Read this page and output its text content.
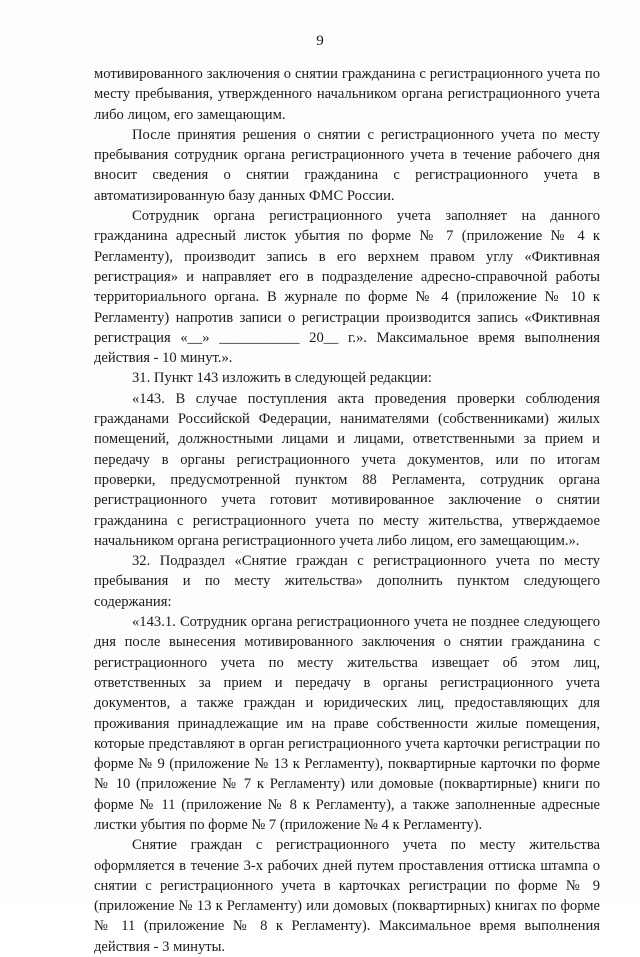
9

мотивированного заключения о снятии гражданина с регистрационного учета по месту пребывания, утвержденного начальником органа регистрационного учета либо лицом, его замещающим.

После принятия решения о снятии с регистрационного учета по месту пребывания сотрудник органа регистрационного учета в течение рабочего дня вносит сведения о снятии гражданина с регистрационного учета в автоматизированную базу данных ФМС России.

Сотрудник органа регистрационного учета заполняет на данного гражданина адресный листок убытия по форме № 7 (приложение № 4 к Регламенту), производит запись в его верхнем правом углу «Фиктивная регистрация» и направляет его в подразделение адресно-справочной работы территориального органа. В журнале по форме № 4 (приложение № 10 к Регламенту) напротив записи о регистрации производится запись «Фиктивная регистрация «__» ___________ 20__ г.». Максимальное время выполнения действия - 10 минут.».

31. Пункт 143 изложить в следующей редакции:

«143. В случае поступления акта проведения проверки соблюдения гражданами Российской Федерации, нанимателями (собственниками) жилых помещений, должностными лицами и лицами, ответственными за прием и передачу в органы регистрационного учета документов, или по итогам проверки, предусмотренной пунктом 88 Регламента, сотрудник органа регистрационного учета готовит мотивированное заключение о снятии гражданина с регистрационного учета по месту жительства, утверждаемое начальником органа регистрационного учета либо лицом, его замещающим.».

32. Подраздел «Снятие граждан с регистрационного учета по месту пребывания и по месту жительства» дополнить пунктом следующего содержания:

«143.1. Сотрудник органа регистрационного учета не позднее следующего дня после вынесения мотивированного заключения о снятии гражданина с регистрационного учета по месту жительства извещает об этом лиц, ответственных за прием и передачу в органы регистрационного учета документов, а также граждан и юридических лиц, предоставляющих для проживания принадлежащие им на праве собственности жилые помещения, которые представляют в орган регистрационного учета карточки регистрации по форме № 9 (приложение № 13 к Регламенту), поквартирные карточки по форме № 10 (приложение № 7 к Регламенту) или домовые (поквартирные) книги по форме № 11 (приложение № 8 к Регламенту), а также заполненные адресные листки убытия по форме № 7 (приложение № 4 к Регламенту).

Снятие граждан с регистрационного учета по месту жительства оформляется в течение 3-х рабочих дней путем проставления оттиска штампа о снятии с регистрационного учета в карточках регистрации по форме № 9 (приложение № 13 к Регламенту) или домовых (поквартирных) книгах по форме № 11 (приложение № 8 к Регламенту). Максимальное время выполнения действия - 3 минуты.
